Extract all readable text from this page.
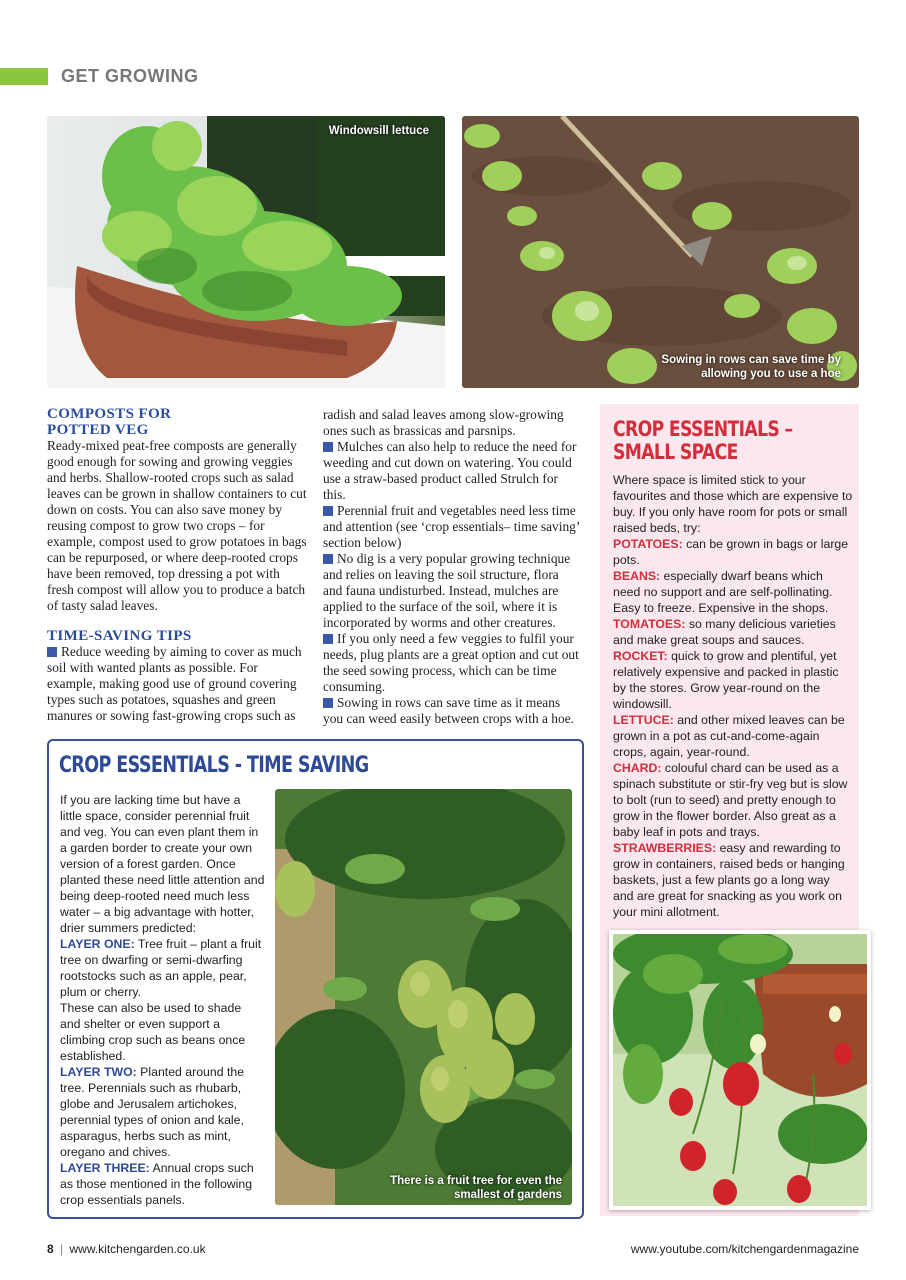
GET GROWING
Windowsill lettuce
Sowing in rows can save time by
allowing you to use a hoe
COMPOSTS FOR
POTTED VEG

Ready-mixed peat-free composts are generally good enough for sowing and growing veggies and herbs. Shallow-rooted crops such as salad leaves can be grown in shallow containers to cut down on costs. You can also save money by reusing compost to grow two crops – for example, compost used to grow potatoes in bags can be repurposed, or where deep-rooted crops have been removed, top dressing a pot with fresh compost will allow you to produce a batch of tasty salad leaves.

TIME-SAVING TIPS

Reduce weeding by aiming to cover as much soil with wanted plants as possible. For example, making good use of ground covering types such as potatoes, squashes and green manures or sowing fast-growing crops such as

radish and salad leaves among slow-growing ones such as brassicas and parsnips.

Mulches can also help to reduce the need for weeding and cut down on watering. You could use a straw-based product called Strulch for this.

Perennial fruit and vegetables need less time and attention (see ‘crop essentials– time saving’ section below)

No dig is a very popular growing technique and relies on leaving the soil structure, flora and fauna undisturbed. Instead, mulches are applied to the surface of the soil, where it is incorporated by worms and other creatures.

If you only need a few veggies to fulfil your needs, plug plants are a great option and cut out the seed sowing process, which can be time consuming.

Sowing in rows can save time as it means you can weed easily between crops with a hoe.

CROP ESSENTIALS –
SMALL SPACE

Where space is limited stick to your favourites and those which are expensive to buy. If you only have room for pots or small raised beds, try:

POTATOES: can be grown in bags or large pots.

BEANS: especially dwarf beans which need no support and are self-pollinating. Easy to freeze. Expensive in the shops.

TOMATOES: so many delicious varieties and make great soups and sauces.

ROCKET: quick to grow and plentiful, yet relatively expensive and packed in plastic by the stores. Grow year-round on the windowsill.

LETTUCE: and other mixed leaves can be grown in a pot as cut-and-come-again crops, again, year-round.

CHARD: colouful chard can be used as a spinach substitute or stir-fry veg but is slow to bolt (run to seed) and pretty enough to grow in the flower border. Also great as a baby leaf in pots and trays.

STRAWBERRIES: easy and rewarding to grow in containers, raised beds or hanging baskets, just a few plants go a long way and are great for snacking as you work on your mini allotment.

CROP ESSENTIALS - TIME SAVING

If you are lacking time but have a little space, consider perennial fruit and veg. You can even plant them in a garden border to create your own version of a forest garden. Once planted these need little attention and being deep-rooted need much less water – a big advantage with hotter, drier summers predicted:

LAYER ONE: Tree fruit – plant a fruit tree on dwarfing or semi-dwarfing rootstocks such as an apple, pear, plum or cherry.

These can also be used to shade and shelter or even support a climbing crop such as beans once established.

LAYER TWO: Planted around the tree. Perennials such as rhubarb, globe and Jerusalem artichokes, perennial types of onion and kale, asparagus, herbs such as mint, oregano and chives.

LAYER THREE: Annual crops such as those mentioned in the following crop essentials panels.

There is a fruit tree for even the
smallest of gardens
8 | www.kitchengarden.co.uk	www.youtube.com/kitchengardenmagazine
